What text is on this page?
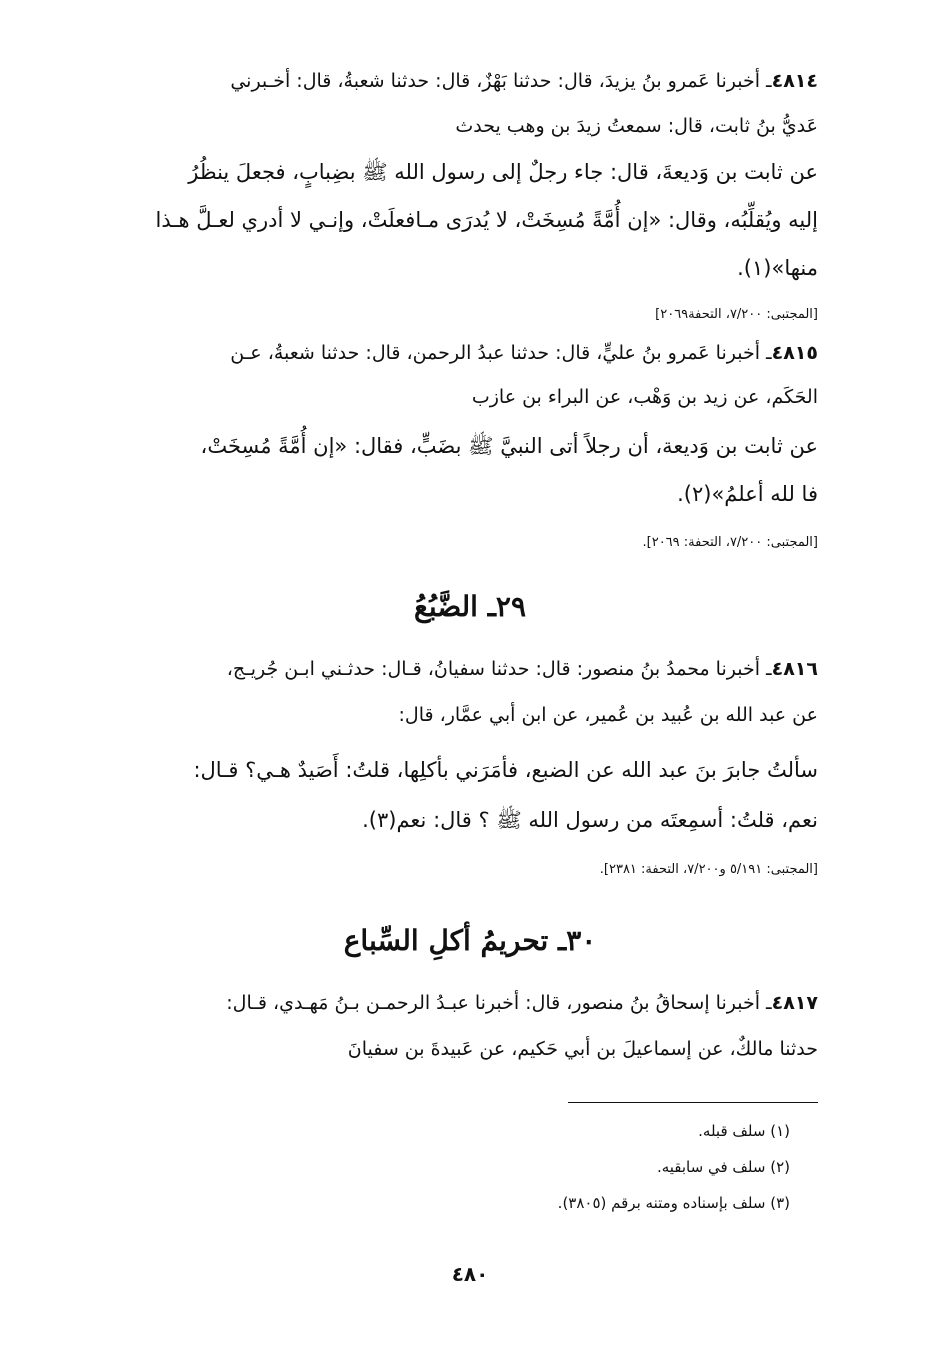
٤٨١٤ـ أخبرنا عَمرو بنُ يزيدَ، قال: حدثنا بَهْزٌ، قال: حدثنا شعبةُ، قال: أخـبرني
عَديُّ بنُ ثابت، قال: سمعتُ زيدَ بن وهب يحدث
عن ثابت بن وَديعةَ، قال: جاء رجلٌ إلى رسول الله ﷺ بضِبابٍ، فجعلَ ينظُرُ
إليه ويُقلِّبُه، وقال: «إن أُمَّةً مُسِخَتْ، لا يُدرَى مـافعلَتْ، وإنـي لا أدري لعـلَّ هـذا
منها»(١).
[المجتبى: ٧/٢٠٠، التحفة٢٠٦٩]
٤٨١٥ـ أخبرنا عَمرو بنُ عليٍّ، قال: حدثنا عبدُ الرحمن، قال: حدثنا شعبةُ، عـن
الحَكَم، عن زيد بن وَهْب، عن البراء بن عازب
عن ثابت بن وَديعة، أن رجلاً أتى النبيَّ ﷺ بضَبٍّ، فقال: «إن أُمَّةً مُسِخَتْ،
فا لله أعلمُ»(٢).
[المجتبى: ٧/٢٠٠، التحفة: ٢٠٦٩].
٢٩ـ الضَّبُعُ
٤٨١٦ـ أخبرنا محمدُ بنُ منصور: قال: حدثنا سفيانُ، قـال: حدثـني ابـن جُريـج،
عن عبد الله بن عُبيد بن عُمير، عن ابن أبي عمَّار، قال:
سألتُ جابرَ بنَ عبد الله عن الضبع، فأمَرَني بأكلِها، قلتُ: أَصَيدٌ هـي؟ قـال:
نعم، قلتُ: أسمِعتَه من رسول الله ﷺ ؟ قال: نعم(٣).
[المجتبى: ٥/١٩١ و٧/٢٠٠، التحفة: ٢٣٨١].
٣٠ـ تحريمُ أكلِ السِّباع
٤٨١٧ـ أخبرنا إسحاقُ بنُ منصور، قال: أخبرنا عبـدُ الرحمـن بـنُ مَهـدي، قـال:
حدثنا مالكٌ، عن إسماعيلَ بن أبي حَكيم، عن عَبيدةَ بن سفيانَ
(١) سلف قبله.
(٢) سلف في سابقيه.
(٣) سلف بإسناده ومتنه برقم (٣٨٠٥).
٤٨٠
